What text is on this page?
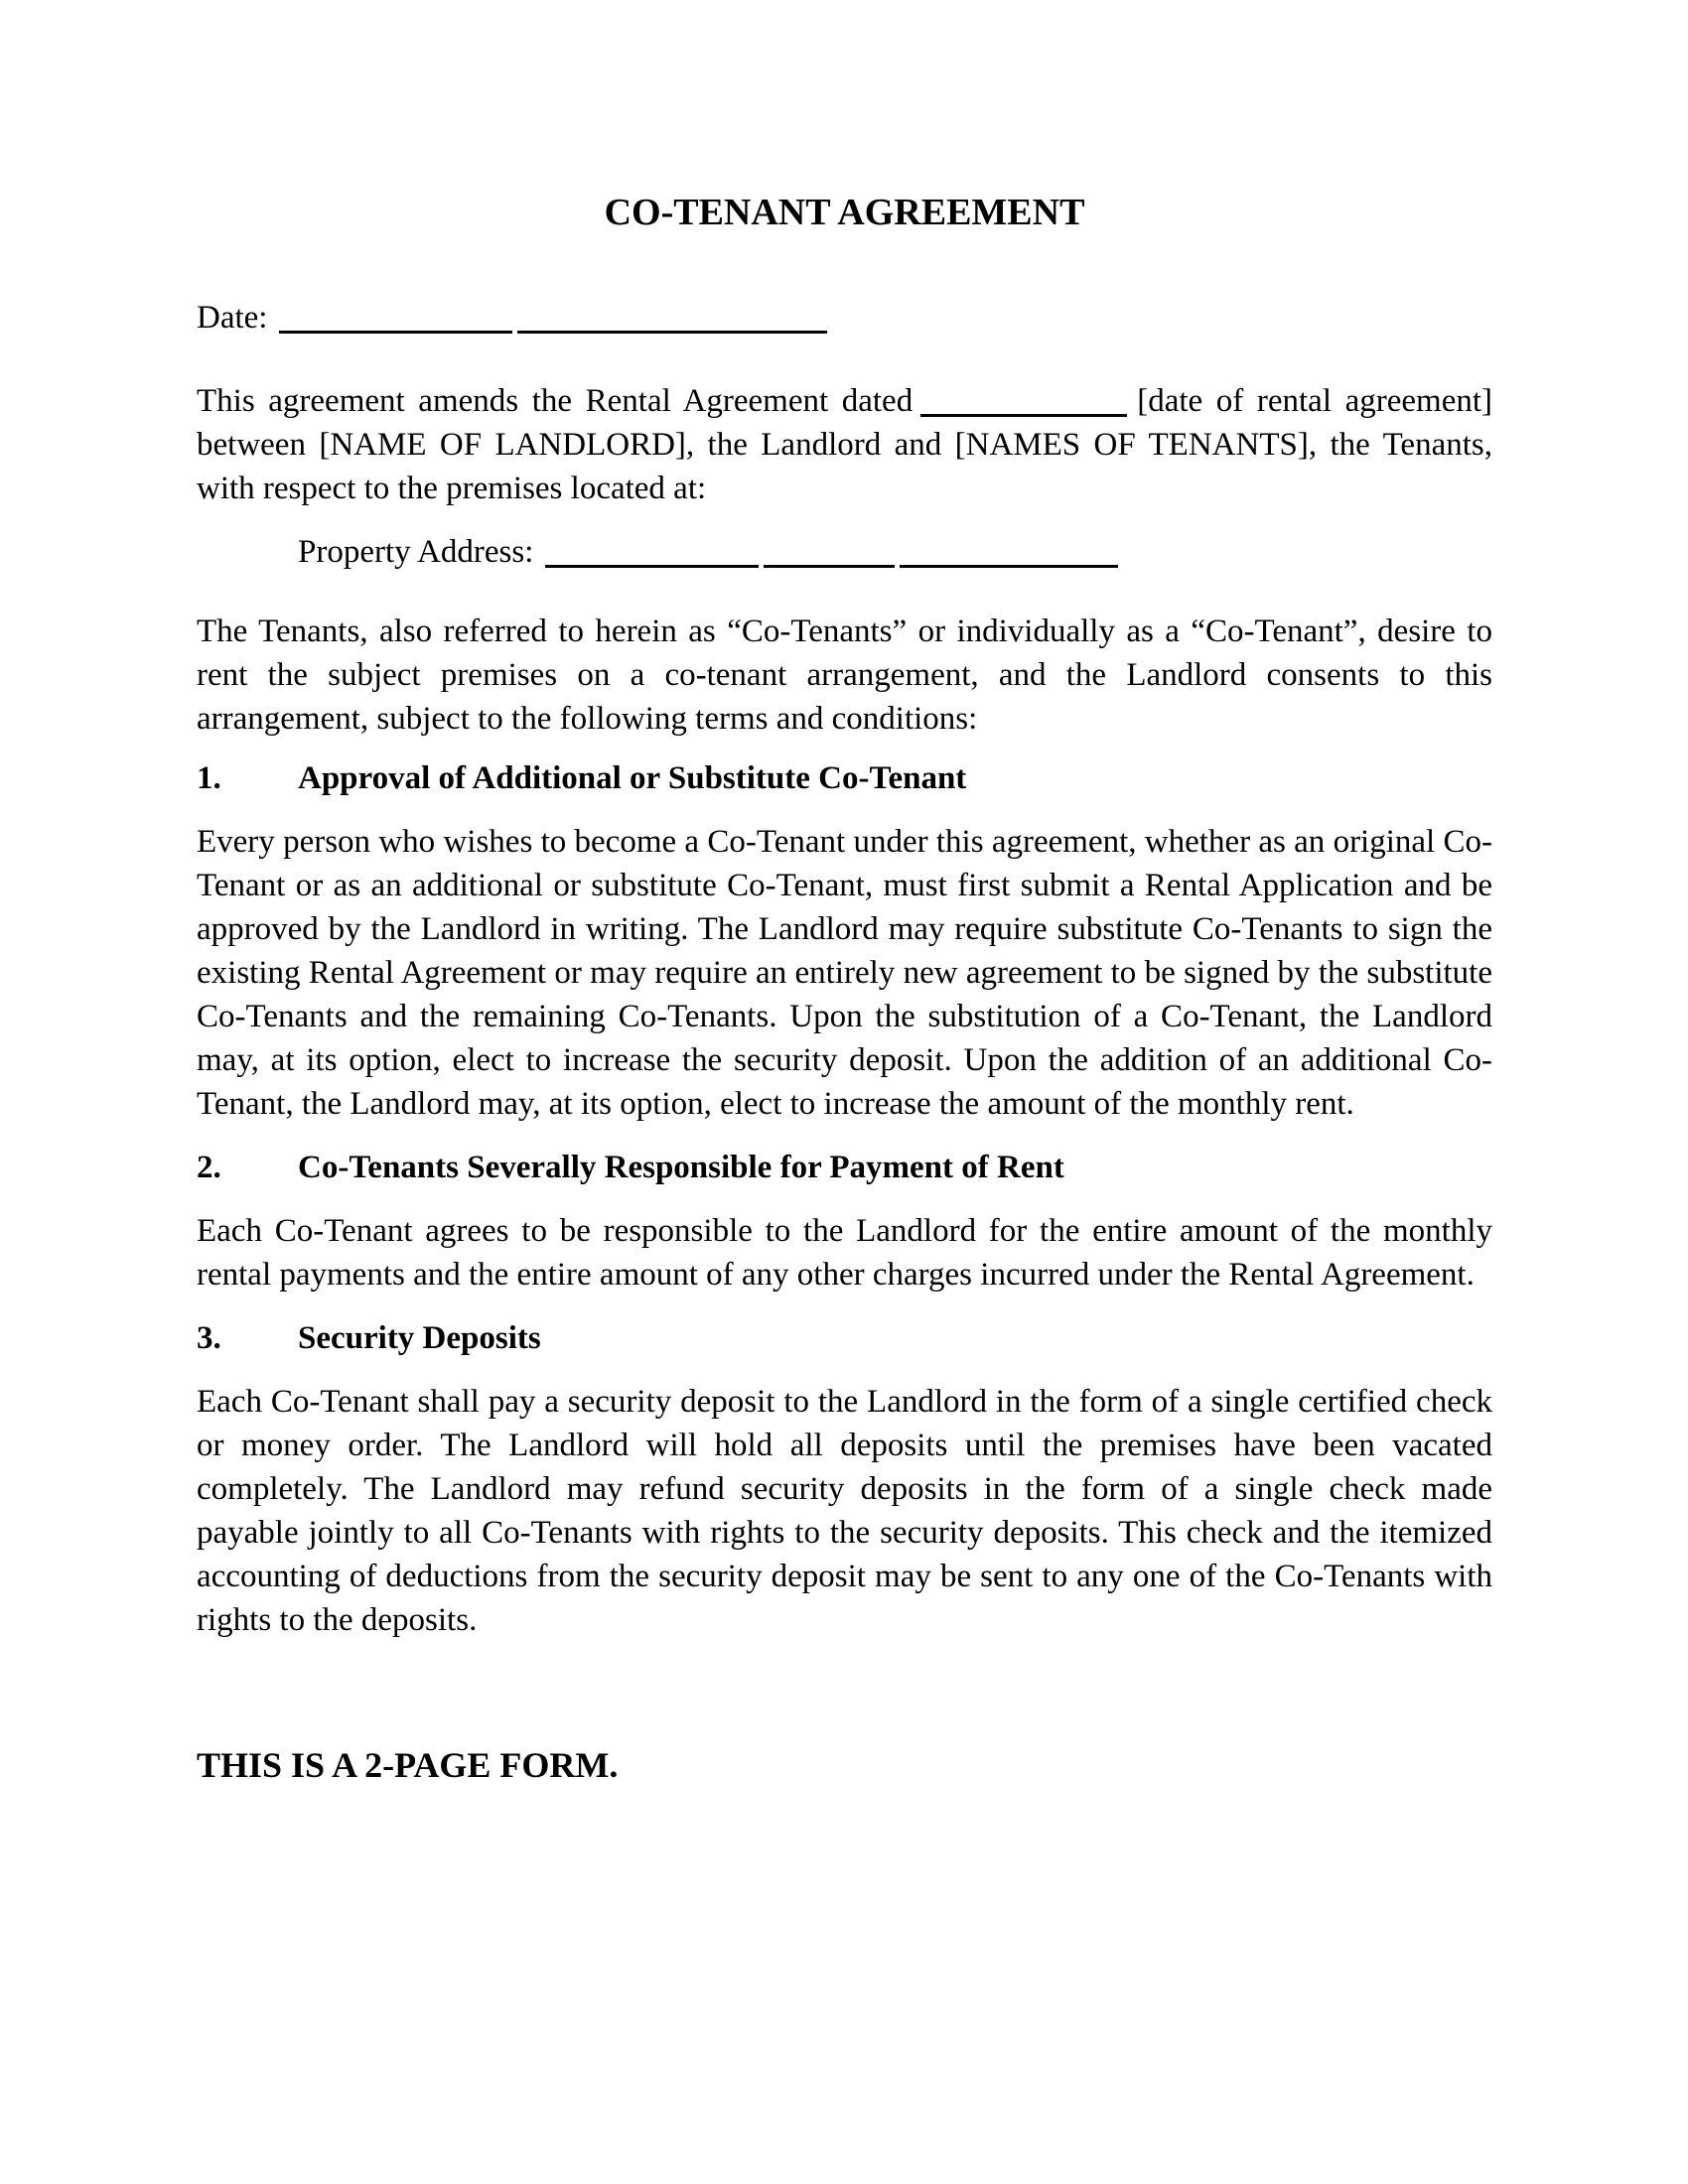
CO-TENANT AGREEMENT
Date:

This agreement amends the Rental Agreement dated	[date of rental agreement] between [NAME OF LANDLORD], the Landlord and [NAMES OF TENANTS], the Tenants, with respect to the premises located at:

Property Address:

The Tenants, also referred to herein as “Co-Tenants” or individually as a “Co-Tenant”, desire to rent the subject premises on a co-tenant arrangement, and the Landlord consents to this arrangement, subject to the following terms and conditions:

1. Approval of Additional or Substitute Co-Tenant

Every person who wishes to become a Co-Tenant under this agreement, whether as an original Co-Tenant or as an additional or substitute Co-Tenant, must first submit a Rental Application and be approved by the Landlord in writing. The Landlord may require substitute Co-Tenants to sign the existing Rental Agreement or may require an entirely new agreement to be signed by the substitute Co-Tenants and the remaining Co-Tenants. Upon the substitution of a Co-Tenant, the Landlord may, at its option, elect to increase the security deposit. Upon the addition of an additional Co-Tenant, the Landlord may, at its option, elect to increase the amount of the monthly rent.

2. Co-Tenants Severally Responsible for Payment of Rent

Each Co-Tenant agrees to be responsible to the Landlord for the entire amount of the monthly rental payments and the entire amount of any other charges incurred under the Rental Agreement.

3. Security Deposits

Each Co-Tenant shall pay a security deposit to the Landlord in the form of a single certified check or money order. The Landlord will hold all deposits until the premises have been vacated completely. The Landlord may refund security deposits in the form of a single check made payable jointly to all Co-Tenants with rights to the security deposits. This check and the itemized accounting of deductions from the security deposit may be sent to any one of the Co-Tenants with rights to the deposits.

THIS IS A 2-PAGE FORM.
